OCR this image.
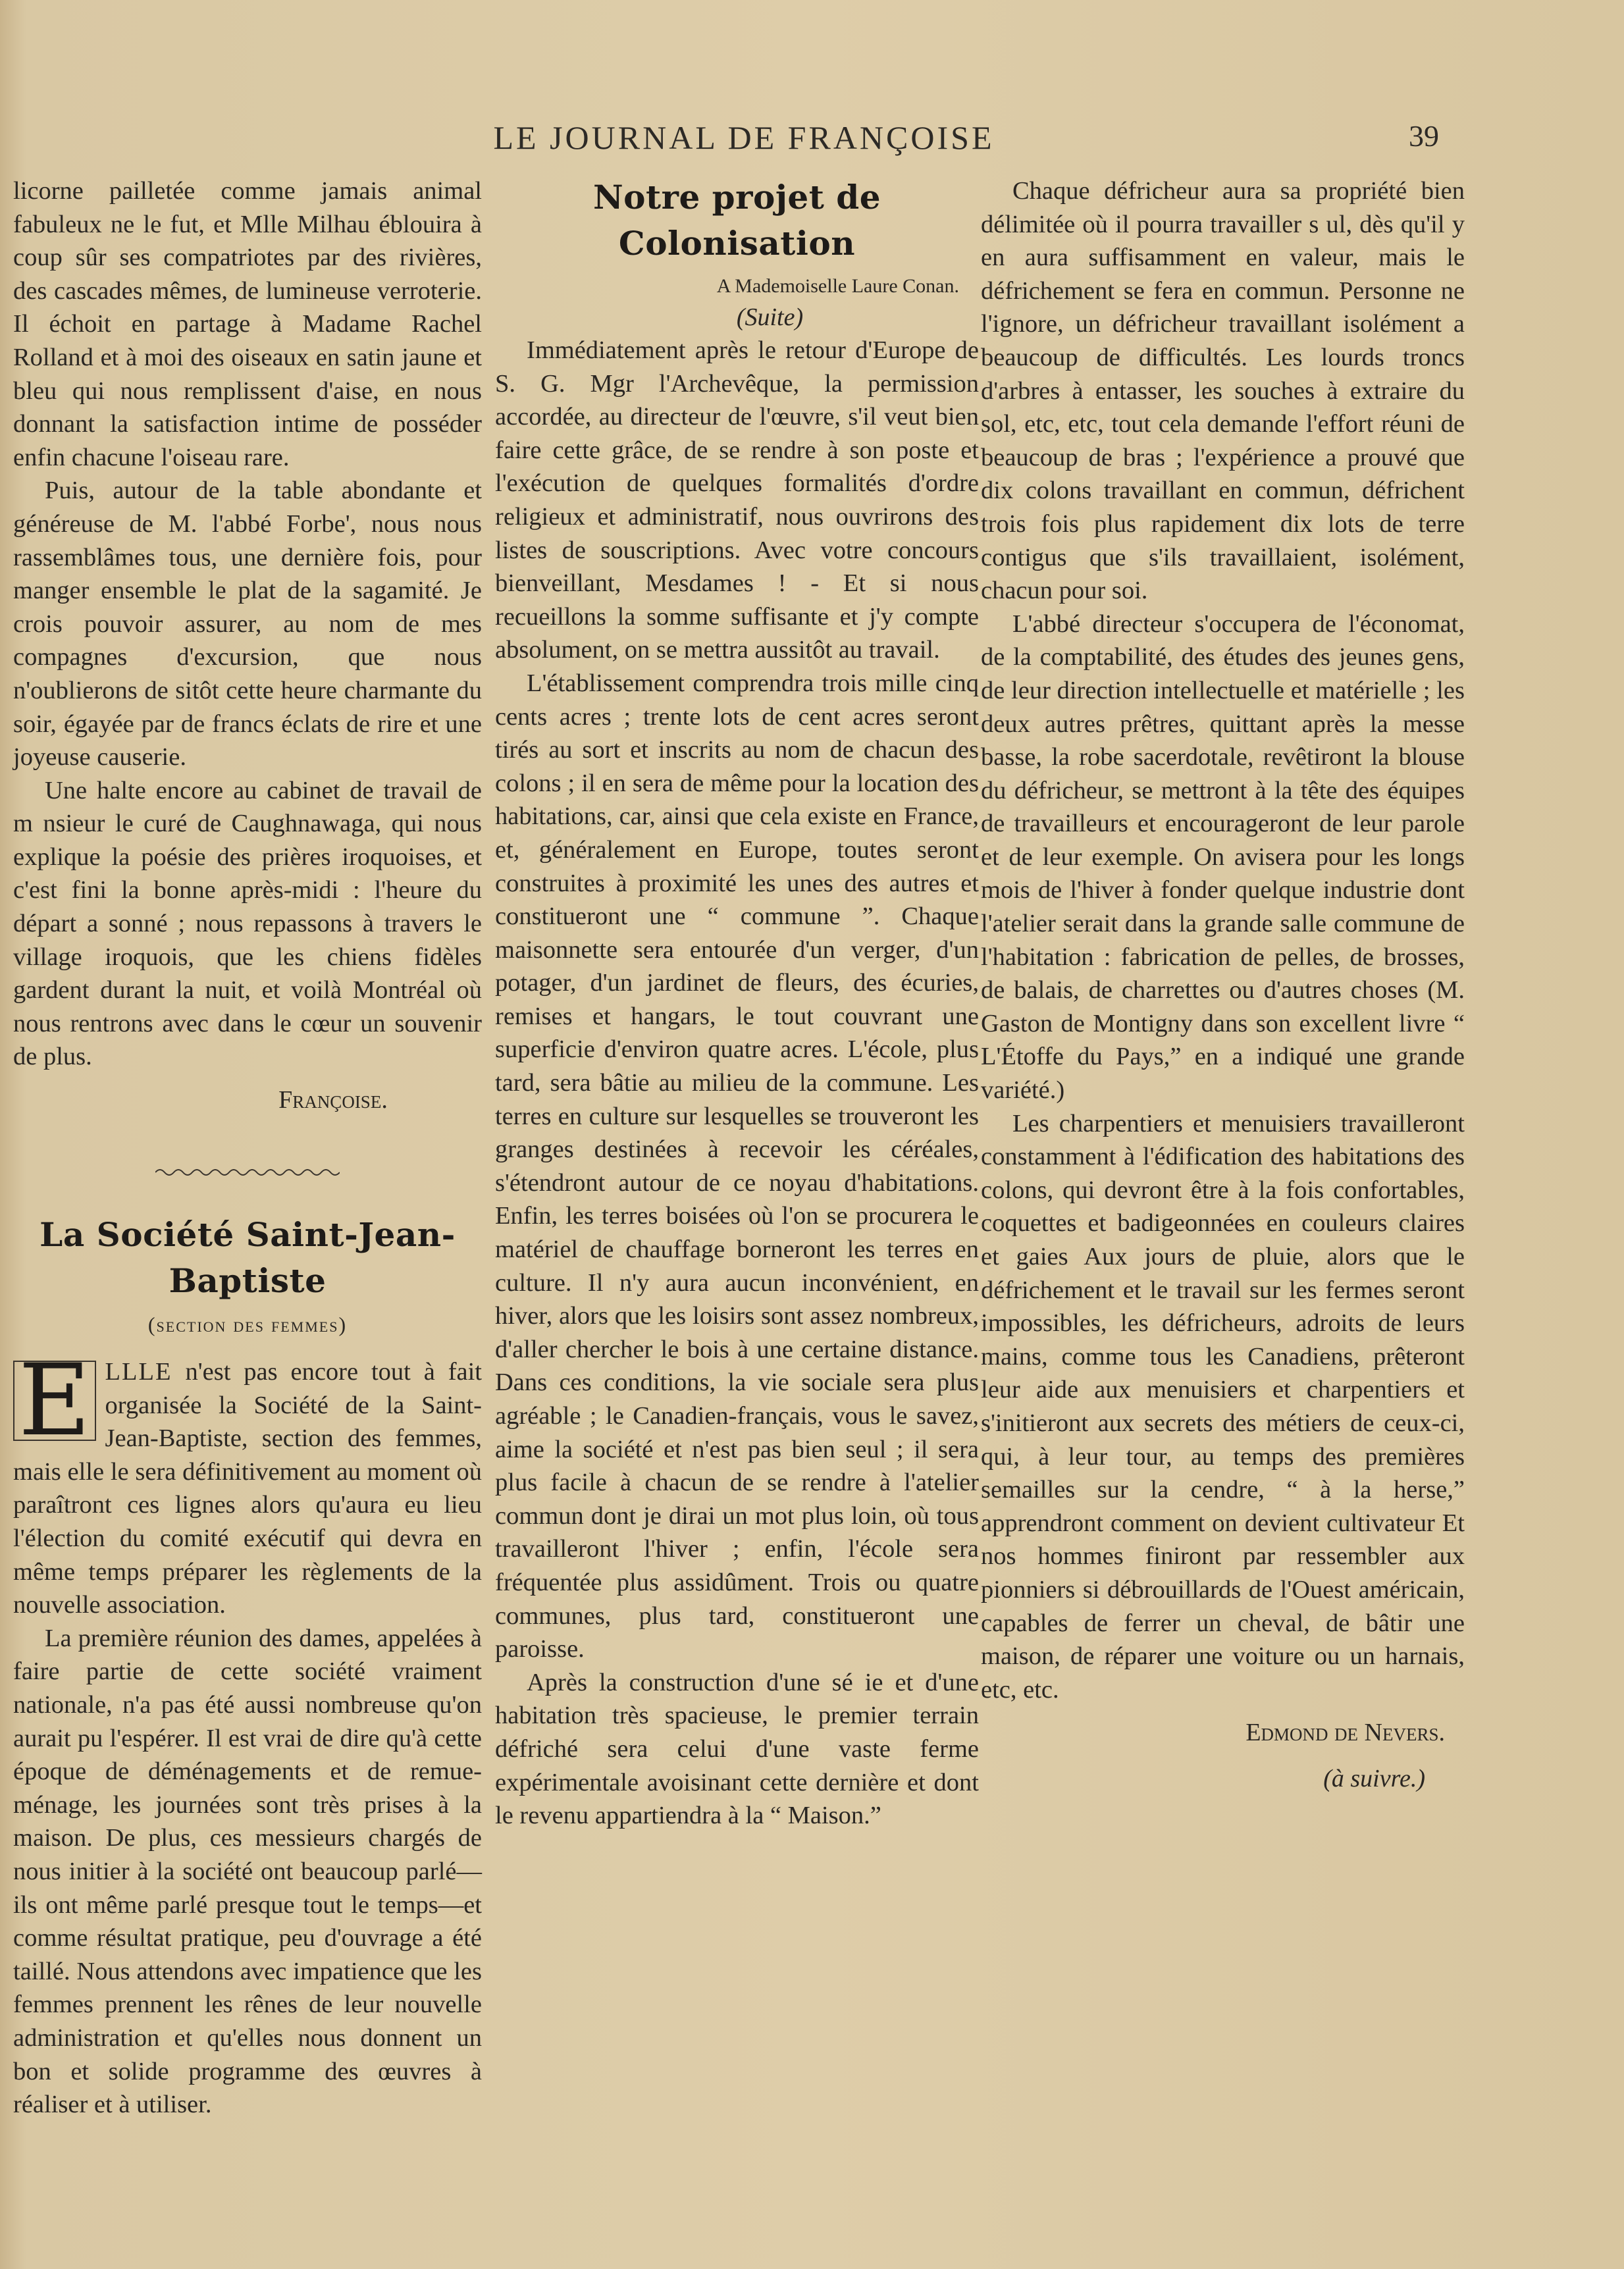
LE JOURNAL DE FRANÇOISE	39

licorne pailletée comme jamais animal fabuleux ne le fut, et Mlle Milhau éblouira à coup sûr ses compatriotes par des rivières, des cascades mêmes, de lumineuse verroterie. Il échoit en partage à Madame Rachel Rolland et à moi des oiseaux en satin jaune et bleu qui nous remplissent d'aise, en nous donnant la satisfaction intime de posséder enfin chacune l'oiseau rare.

Puis, autour de la table abondante et généreuse de M. l'abbé Forbe', nous nous rassemblâmes tous, une dernière fois, pour manger ensemble le plat de la sagamité. Je crois pouvoir assurer, au nom de mes compagnes d'excursion, que nous n'oublierons de sitôt cette heure charmante du soir, égayée par de francs éclats de rire et une joyeuse causerie.

Une halte encore au cabinet de travail de m nsieur le curé de Caughnawaga, qui nous explique la poésie des prières iroquoises, et c'est fini la bonne après-midi : l'heure du départ a sonné ; nous repassons à travers le village iroquois, que les chiens fidèles gardent durant la nuit, et voilà Montréal où nous rentrons avec dans le cœur un souvenir de plus.

Françoise.
La Société Saint-Jean-Baptiste
(section des femmes)

E LLLE n'est pas encore tout à fait organisée la Société de la Saint-Jean-Baptiste, section des femmes, mais elle le sera définitivement au moment où paraîtront ces lignes alors qu'aura eu lieu l'élection du comité exécutif qui devra en même temps préparer les règlements de la nouvelle association.

La première réunion des dames, appelées à faire partie de cette société vraiment nationale, n'a pas été aussi nombreuse qu'on aurait pu l'espérer. Il est vrai de dire qu'à cette époque de déménagements et de remue-ménage, les journées sont très prises à la maison. De plus, ces messieurs chargés de nous initier à la société ont beaucoup parlé—ils ont même parlé presque tout le temps—et comme résultat pratique, peu d'ouvrage a été taillé. Nous attendons avec impatience que les femmes prennent les rênes de leur nouvelle administration et qu'elles nous donnent un bon et solide programme des œuvres à réaliser et à utiliser.

Notre projet de Colonisation
A Mademoiselle Laure Conan.
(Suite)

Immédiatement après le retour d'Europe de S. G. Mgr l'Archevêque, la permission accordée, au directeur de l'œuvre, s'il veut bien faire cette grâce, de se rendre à son poste et l'exécution de quelques formalités d'ordre religieux et administratif, nous ouvrirons des listes de souscriptions. Avec votre concours bienveillant, Mesdames ! - Et si nous recueillons la somme suffisante et j'y compte absolument, on se mettra aussitôt au travail.

L'établissement comprendra trois mille cinq cents acres ; trente lots de cent acres seront tirés au sort et inscrits au nom de chacun des colons ; il en sera de même pour la location des habitations, car, ainsi que cela existe en France, et, généralement en Europe, toutes seront construites à proximité les unes des autres et constitueront une “ commune ”. Chaque maisonnette sera entourée d'un verger, d'un potager, d'un jardinet de fleurs, des écuries, remises et hangars, le tout couvrant une superficie d'environ quatre acres. L'école, plus tard, sera bâtie au milieu de la commune. Les terres en culture sur lesquelles se trouveront les granges destinées à recevoir les céréales, s'étendront autour de ce noyau d'habitations. Enfin, les terres boisées où l'on se procurera le matériel de chauffage borneront les terres en culture. Il n'y aura aucun inconvénient, en hiver, alors que les loisirs sont assez nombreux, d'aller chercher le bois à une certaine distance. Dans ces conditions, la vie sociale sera plus agréable ; le Canadien-français, vous le savez, aime la société et n'est pas bien seul ; il sera plus facile à chacun de se rendre à l'atelier commun dont je dirai un mot plus loin, où tous travailleront l'hiver ; enfin, l'école sera fréquentée plus assidûment. Trois ou quatre communes, plus tard, constitueront une paroisse.

Après la construction d'une sé ie et d'une habitation très spacieuse, le premier terrain défriché sera celui d'une vaste ferme expérimentale avoisinant cette dernière et dont le revenu appartiendra à la “ Maison.”

Chaque défricheur aura sa propriété bien délimitée où il pourra travailler s ul, dès qu'il y en aura suffisamment en valeur, mais le défrichement se fera en commun. Personne ne l'ignore, un défricheur travaillant isolément a beaucoup de difficultés. Les lourds troncs d'arbres à entasser, les souches à extraire du sol, etc, etc, tout cela demande l'effort réuni de beaucoup de bras ; l'expérience a prouvé que dix colons travaillant en commun, défrichent trois fois plus rapidement dix lots de terre contigus que s'ils travaillaient, isolément, chacun pour soi.

L'abbé directeur s'occupera de l'économat, de la comptabilité, des études des jeunes gens, de leur direction intellectuelle et matérielle ; les deux autres prêtres, quittant après la messe basse, la robe sacerdotale, revêtiront la blouse du défricheur, se mettront à la tête des équipes de travailleurs et encourageront de leur parole et de leur exemple. On avisera pour les longs mois de l'hiver à fonder quelque industrie dont l'atelier serait dans la grande salle commune de l'habitation : fabrication de pelles, de brosses, de balais, de charrettes ou d'autres choses (M. Gaston de Montigny dans son excellent livre “ L'Étoffe du Pays,” en a indiqué une grande variété.)

Les charpentiers et menuisiers travailleront constamment à l'édification des habitations des colons, qui devront être à la fois confortables, coquettes et badigeonnées en couleurs claires et gaies Aux jours de pluie, alors que le défrichement et le travail sur les fermes seront impossibles, les défricheurs, adroits de leurs mains, comme tous les Canadiens, prêteront leur aide aux menuisiers et charpentiers et s'initieront aux secrets des métiers de ceux-ci, qui, à leur tour, au temps des premières semailles sur la cendre, “ à la herse,” apprendront comment on devient cultivateur Et nos hommes finiront par ressembler aux pionniers si débrouillards de l'Ouest américain, capables de ferrer un cheval, de bâtir une maison, de réparer une voiture ou un harnais, etc, etc.

Edmond de Nevers.
(à suivre.)
